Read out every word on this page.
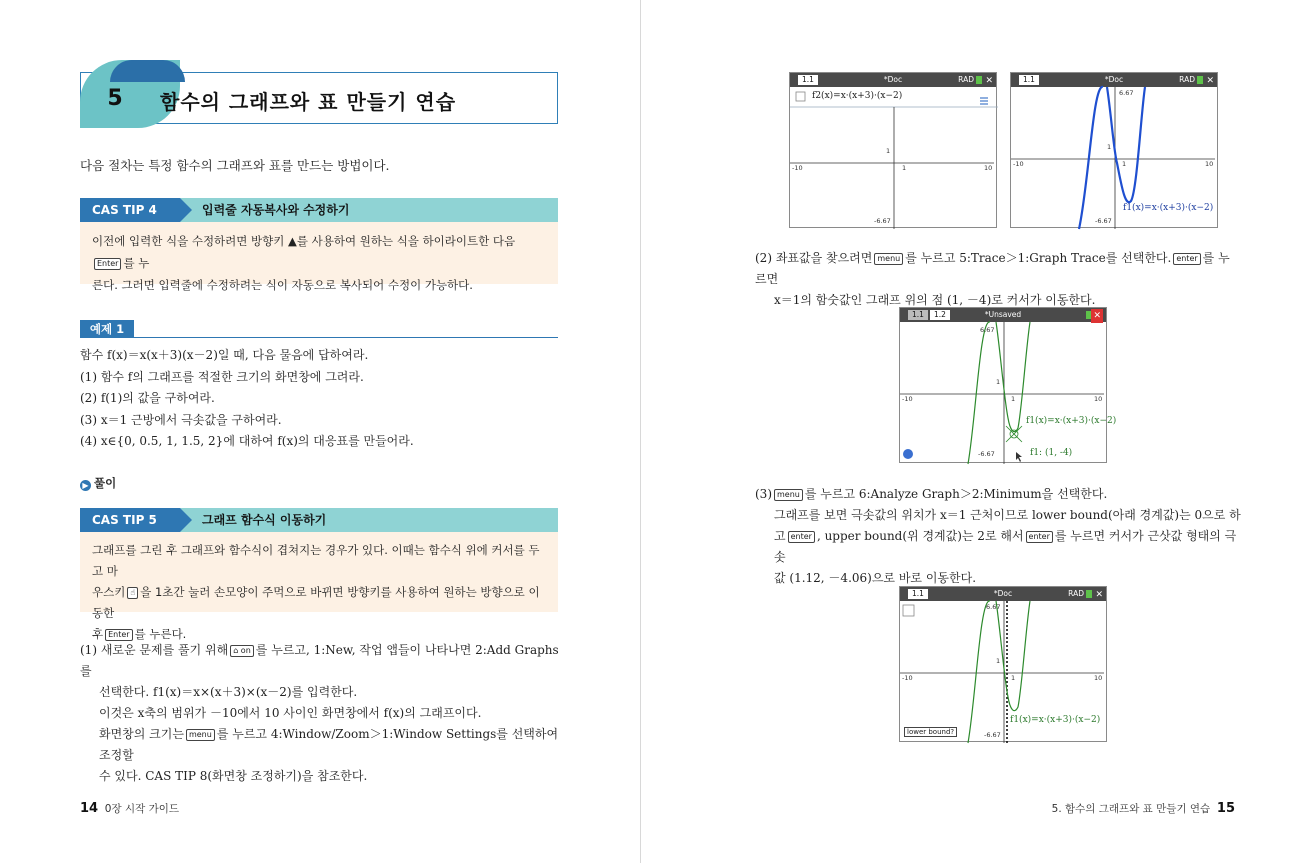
5	함수의 그래프와 표 만들기 연습
다음 절차는 특정 함수의 그래프와 표를 만드는 방법이다.
CAS TIP 4	입력줄 자동복사와 수정하기
이전에 입력한 식을 수정하려면 방향키 ▲를 사용하여 원하는 식을 하이라이트한 다음Enter 를 누
른다. 그러면 입력줄에 수정하려는 식이 자동으로 복사되어 수정이 가능하다.
예제 1
함수 f(x)＝x(x＋3)(x－2)일 때, 다음 물음에 답하여라.
(1) 함수 f의 그래프를 적절한 크기의 화면창에 그려라.
(2) f(1)의 값을 구하여라.
(3) x＝1 근방에서 극솟값을 구하여라.
(4) x∈{0, 0.5, 1, 1.5, 2}에 대하여 f(x)의 대응표를 만들어라.
▶ 풀이
CAS TIP 5	그래프 함수식 이동하기
그래프를 그린 후 그래프와 함수식이 겹쳐지는 경우가 있다. 이때는 함수식 위에 커서를 두고 마
우스키 ☝ 을 1초간 눌러 손모양이 주먹으로 바뀌면 방향키를 사용하여 원하는 방향으로 이동한
후 Enter 를 누른다.
(1) 새로운 문제를 풀기 위해 ⌂ on 를 누르고, 1:New, 작업 앱들이 나타나면 2:Add Graphs를
선택한다. f1(x)＝x×(x＋3)×(x－2)를 입력한다.
이것은 x축의 범위가 －10에서 10 사이인 화면창에서 f(x)의 그래프이다.
화면창의 크기는 menu 를 누르고 4:Window/Zoom＞1:Window Settings를 선택하여 조정할
수 있다. CAS TIP 8(화면창 조정하기)을 참조한다.
14 0장 시작 가이드
1.1	*Doc	RAD ✕
f2(x)=x·(x+3)·(x−2)
-10	10
1
1
-6.67
1.1	*Doc	RAD ✕
-10	10
1
1
6.67
-6.67
f1(x)=x·(x+3)·(x−2)
(2) 좌표값을 찾으려면 menu 를 누르고 5:Trace＞1:Graph Trace를 선택한다. enter 를 누르면
x＝1의 함숫값인 그래프 위의 점 (1, －4)로 커서가 이동한다.
1.1	1.2	*Unsaved	✕
-10	10
1
1
6.67
-6.67
f1(x)=x·(x+3)·(x−2)
f1: (1, -4)
(3) menu 를 누르고 6:Analyze Graph＞2:Minimum을 선택한다.
그래프를 보면 극솟값의 위치가 x＝1 근처이므로 lower bound(아래 경계값)는 0으로 하
고 enter , upper bound(위 경계값)는 2로 해서 enter 를 누르면 커서가 근삿값 형태의 극솟
값 (1.12, －4.06)으로 바로 이동한다.
1.1	*Doc	RAD ✕
-10	10
1
1
6.67
-6.67
f1(x)=x·(x+3)·(x−2)
lower bound?
5. 함수의 그래프와 표 만들기 연습 15
